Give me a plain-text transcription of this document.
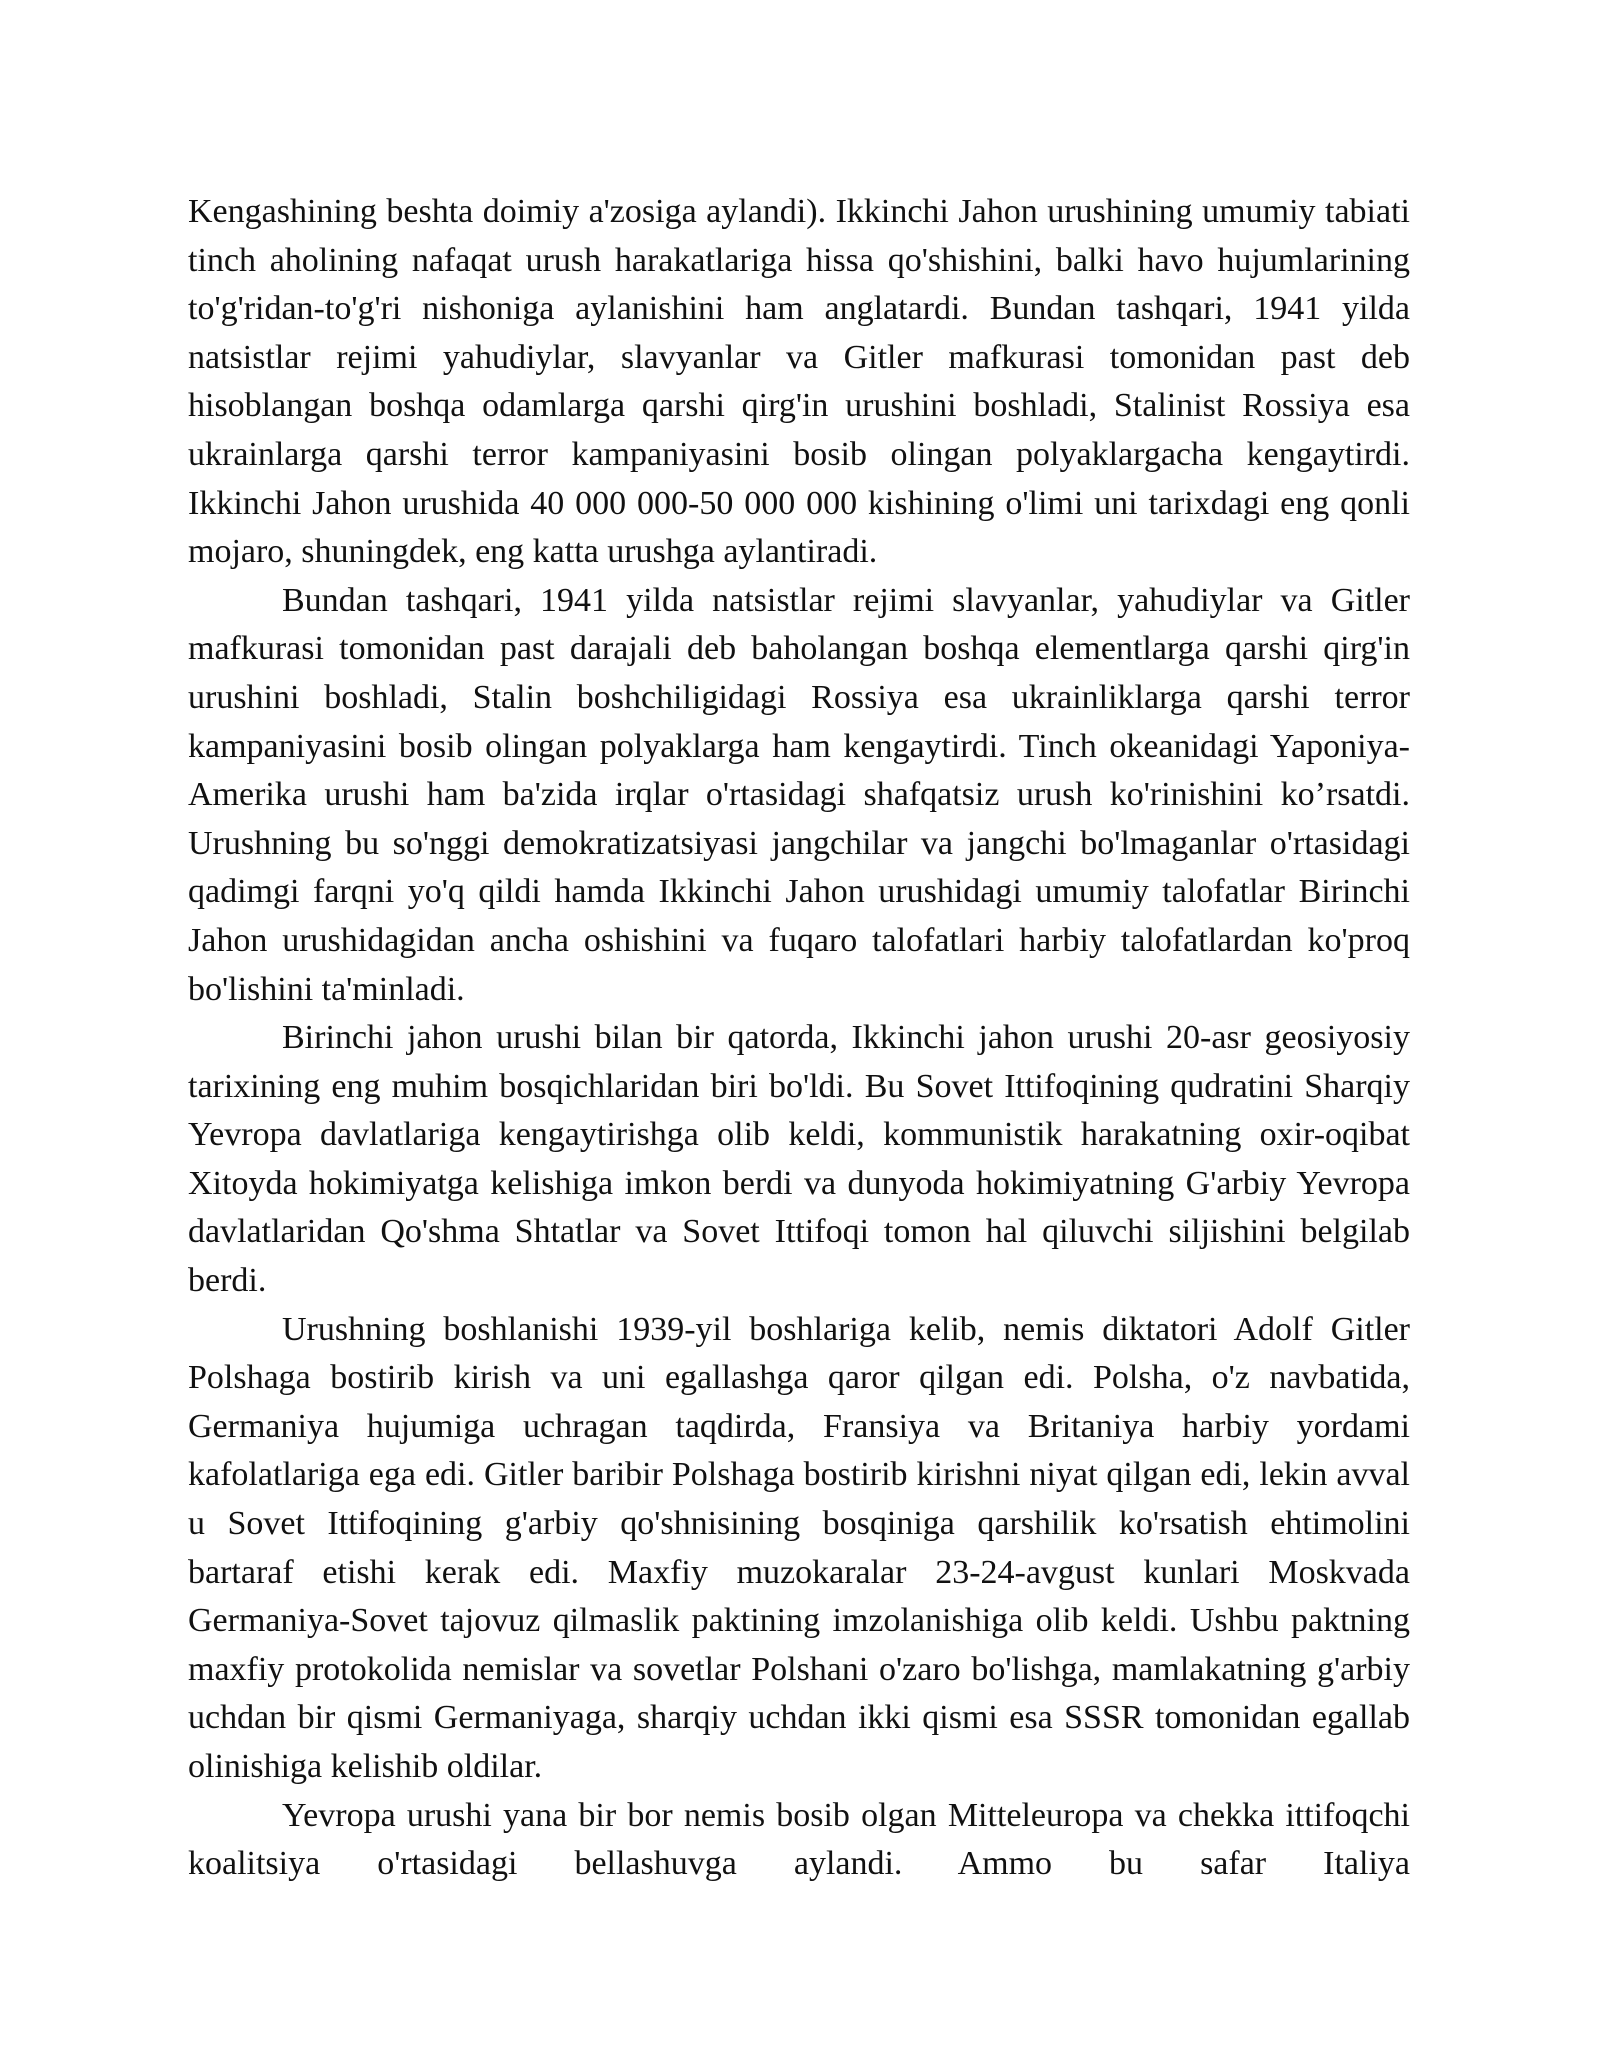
Kengashining beshta doimiy a'zosiga aylandi). Ikkinchi Jahon urushining umumiy tabiati tinch aholining nafaqat urush harakatlariga hissa qo'shishini, balki havo hujumlarining to'g'ridan-to'g'ri nishoniga aylanishini ham anglatardi. Bundan tashqari, 1941 yilda natsistlar rejimi yahudiylar, slavyanlar va Gitler mafkurasi tomonidan past deb hisoblangan boshqa odamlarga qarshi qirg'in urushini boshladi, Stalinist Rossiya esa ukrainlarga qarshi terror kampaniyasini bosib olingan polyaklargacha kengaytirdi. Ikkinchi Jahon urushida 40 000 000-50 000 000 kishining o'limi uni tarixdagi eng qonli mojaro, shuningdek, eng katta urushga aylantiradi.

Bundan tashqari, 1941 yilda natsistlar rejimi slavyanlar, yahudiylar va Gitler mafkurasi tomonidan past darajali deb baholangan boshqa elementlarga qarshi qirg'in urushini boshladi, Stalin boshchiligidagi Rossiya esa ukrainliklarga qarshi terror kampaniyasini bosib olingan polyaklarga ham kengaytirdi. Tinch okeanidagi Yaponiya-Amerika urushi ham ba'zida irqlar o'rtasidagi shafqatsiz urush ko'rinishini ko’rsatdi. Urushning bu so'nggi demokratizatsiyasi jangchilar va jangchi bo'lmaganlar o'rtasidagi qadimgi farqni yo'q qildi hamda Ikkinchi Jahon urushidagi umumiy talofatlar Birinchi Jahon urushidagidan ancha oshishini va fuqaro talofatlari harbiy talofatlardan ko'proq bo'lishini ta'minladi.

Birinchi jahon urushi bilan bir qatorda, Ikkinchi jahon urushi 20-asr geosiyosiy tarixining eng muhim bosqichlaridan biri bo'ldi. Bu Sovet Ittifoqining qudratini Sharqiy Yevropa davlatlariga kengaytirishga olib keldi, kommunistik harakatning oxir-oqibat Xitoyda hokimiyatga kelishiga imkon berdi va dunyoda hokimiyatning G'arbiy Yevropa davlatlaridan Qo'shma Shtatlar va Sovet Ittifoqi tomon hal qiluvchi siljishini belgilab berdi.

Urushning boshlanishi 1939-yil boshlariga kelib, nemis diktatori Adolf Gitler Polshaga bostirib kirish va uni egallashga qaror qilgan edi. Polsha, o'z navbatida, Germaniya hujumiga uchragan taqdirda, Fransiya va Britaniya harbiy yordami kafolatlariga ega edi. Gitler baribir Polshaga bostirib kirishni niyat qilgan edi, lekin avval u Sovet Ittifoqining g'arbiy qo'shnisining bosqiniga qarshilik ko'rsatish ehtimolini bartaraf etishi kerak edi. Maxfiy muzokaralar 23-24-avgust kunlari Moskvada Germaniya-Sovet tajovuz qilmaslik paktining imzolanishiga olib keldi. Ushbu paktning maxfiy protokolida nemislar va sovetlar Polshani o'zaro bo'lishga, mamlakatning g'arbiy uchdan bir qismi Germaniyaga, sharqiy uchdan ikki qismi esa SSSR tomonidan egallab olinishiga kelishib oldilar.

Yevropa urushi yana bir bor nemis bosib olgan Mitteleuropa va chekka ittifoqchi koalitsiya o'rtasidagi bellashuvga aylandi. Ammo bu safar Italiya
